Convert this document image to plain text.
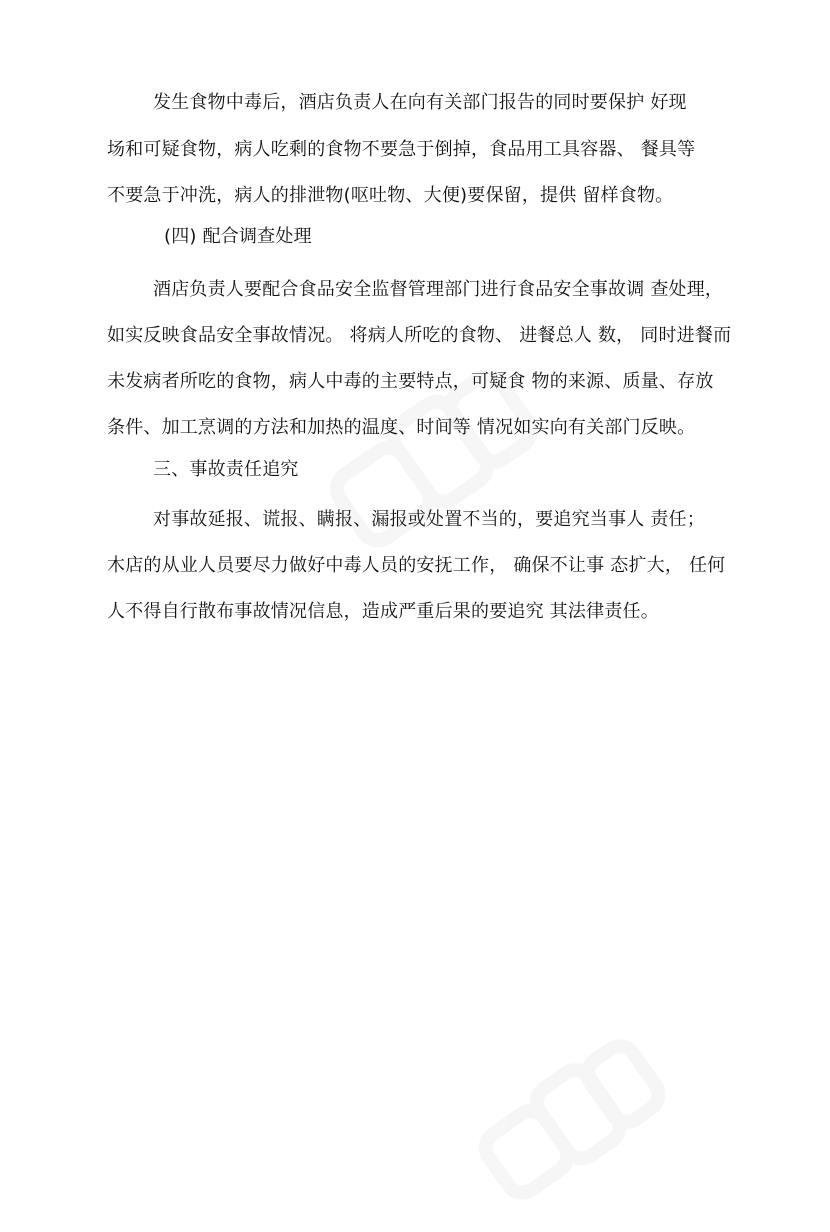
发生食物中毒后，酒店负责人在向有关部门报告的同时要保护 好现
场和可疑食物，病人吃剩的食物不要急于倒掉，食品用工具容器、 餐具等
不要急于冲洗，病人的排泄物(呕吐物、大便)要保留，提供 留样食物。
(四) 配合调查处理
酒店负责人要配合食品安全监督管理部门进行食品安全事故调 查处理，
如实反映食品安全事故情况。 将病人所吃的食物、 进餐总人 数， 同时进餐而
未发病者所吃的食物，病人中毒的主要特点，可疑食 物的来源、质量、存放
条件、加工烹调的方法和加热的温度、时间等 情况如实向有关部门反映。
三、事故责任追究
对事故延报、谎报、瞒报、漏报或处置不当的，要追究当事人 责任；
木店的从业人员要尽力做好中毒人员的安抚工作， 确保不让事 态扩大， 任何
人不得自行散布事故情况信息，造成严重后果的要追究 其法律责任。
